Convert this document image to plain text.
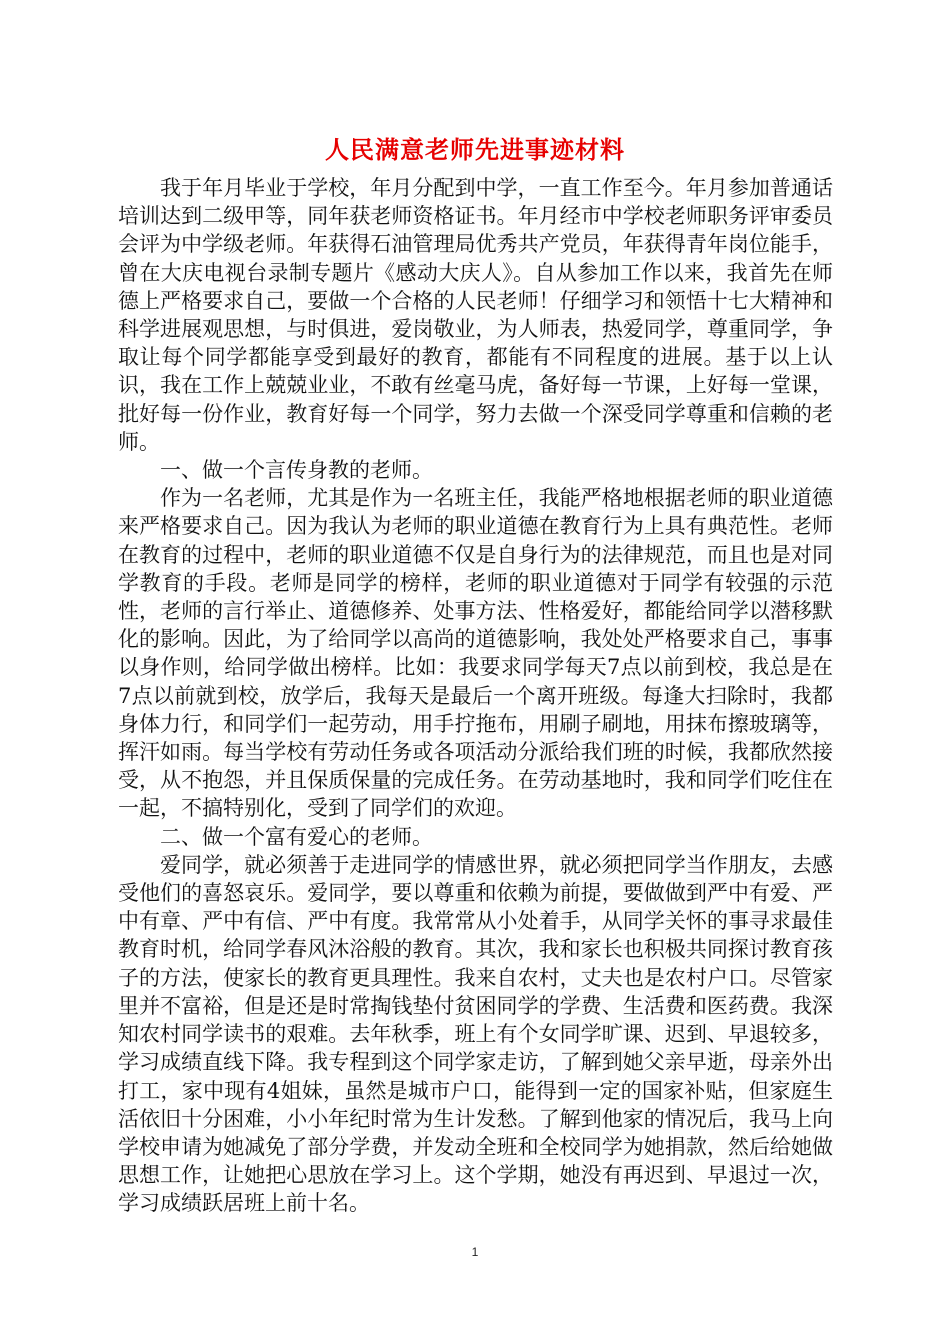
人民满意老师先进事迹材料

我于年月毕业于学校，年月分配到中学，一直工作至今。年月参加普通话培训达到二级甲等，同年获老师资格证书。年月经市中学校老师职务评审委员会评为中学级老师。年获得石油管理局优秀共产党员，年获得青年岗位能手，曾在大庆电视台录制专题片《感动大庆人》。自从参加工作以来，我首先在师德上严格要求自己，要做一个合格的人民老师！仔细学习和领悟十七大精神和科学进展观思想，与时俱进，爱岗敬业，为人师表，热爱同学，尊重同学，争取让每个同学都能享受到最好的教育，都能有不同程度的进展。基于以上认识，我在工作上兢兢业业，不敢有丝毫马虎，备好每一节课，上好每一堂课，批好每一份作业，教育好每一个同学，努力去做一个深受同学尊重和信赖的老师。

一、做一个言传身教的老师。

作为一名老师，尤其是作为一名班主任，我能严格地根据老师的职业道德来严格要求自己。因为我认为老师的职业道德在教育行为上具有典范性。老师在教育的过程中，老师的职业道德不仅是自身行为的法律规范，而且也是对同学教育的手段。老师是同学的榜样，老师的职业道德对于同学有较强的示范性，老师的言行举止、道德修养、处事方法、性格爱好，都能给同学以潜移默化的影响。因此，为了给同学以高尚的道德影响，我处处严格要求自己，事事以身作则，给同学做出榜样。比如：我要求同学每天7点以前到校，我总是在7点以前就到校，放学后，我每天是最后一个离开班级。每逢大扫除时，我都身体力行，和同学们一起劳动，用手拧拖布，用刷子刷地，用抹布擦玻璃等，挥汗如雨。每当学校有劳动任务或各项活动分派给我们班的时候，我都欣然接受，从不抱怨，并且保质保量的完成任务。在劳动基地时，我和同学们吃住在一起，不搞特别化，受到了同学们的欢迎。

二、做一个富有爱心的老师。

爱同学，就必须善于走进同学的情感世界，就必须把同学当作朋友，去感受他们的喜怒哀乐。爱同学，要以尊重和依赖为前提，要做做到严中有爱、严中有章、严中有信、严中有度。我常常从小处着手，从同学关怀的事寻求最佳教育时机，给同学春风沐浴般的教育。其次，我和家长也积极共同探讨教育孩子的方法，使家长的教育更具理性。我来自农村，丈夫也是农村户口。尽管家里并不富裕，但是还是时常掏钱垫付贫困同学的学费、生活费和医药费。我深知农村同学读书的艰难。去年秋季，班上有个女同学旷课、迟到、早退较多，学习成绩直线下降。我专程到这个同学家走访，了解到她父亲早逝，母亲外出打工，家中现有4姐妹，虽然是城市户口，能得到一定的国家补贴，但家庭生活依旧十分困难，小小年纪时常为生计发愁。了解到他家的情况后，我马上向学校申请为她减免了部分学费，并发动全班和全校同学为她捐款，然后给她做思想工作，让她把心思放在学习上。这个学期，她没有再迟到、早退过一次，学习成绩跃居班上前十名。

1
